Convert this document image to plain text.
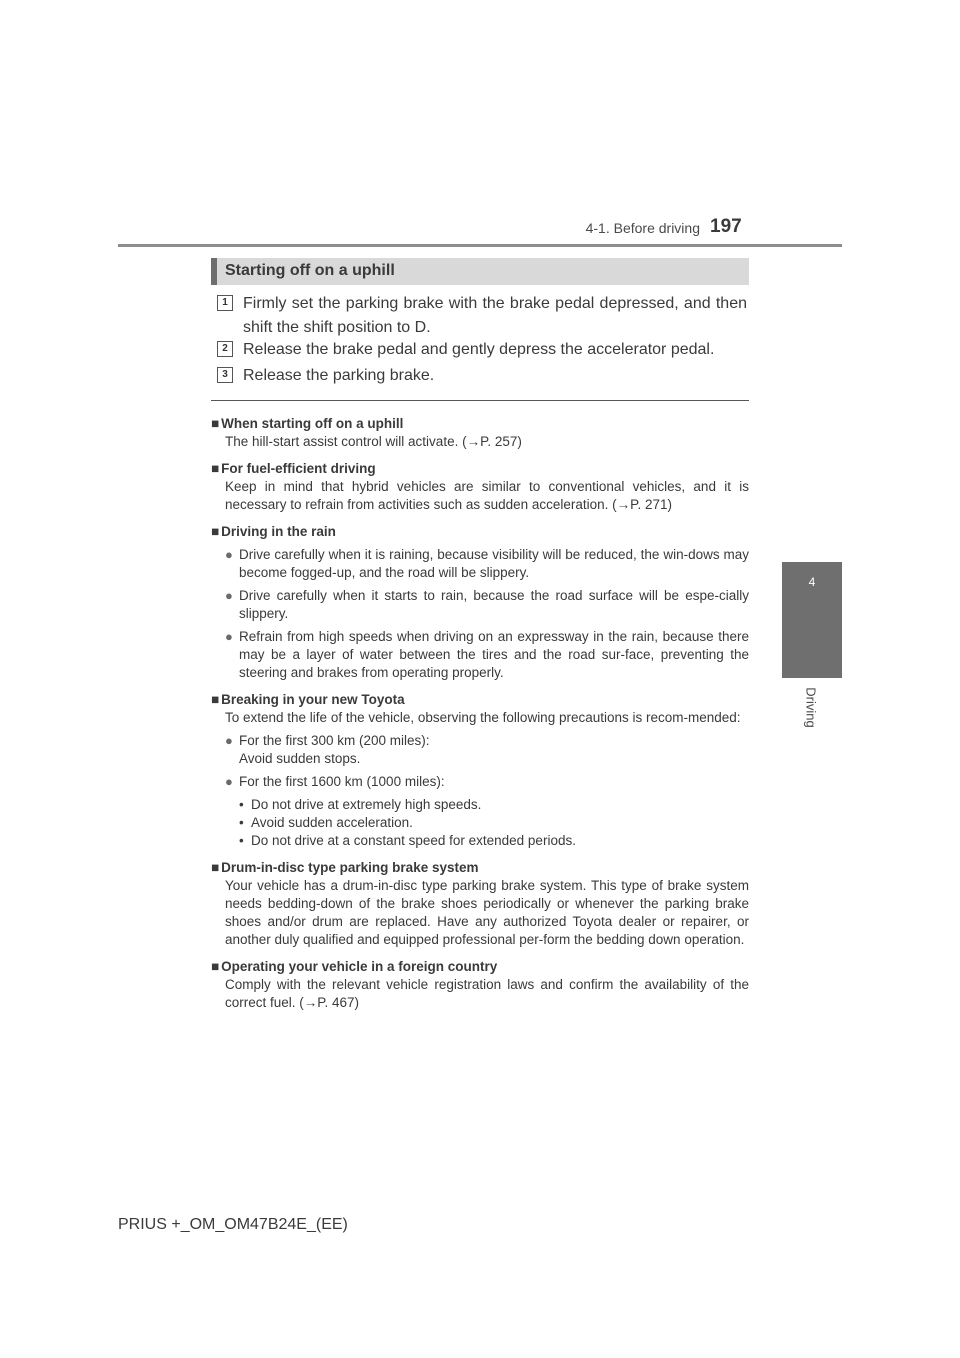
4-1. Before driving 197
4
Driving
Starting off on a uphill
1 Firmly set the parking brake with the brake pedal depressed, and then shift the shift position to D.
2 Release the brake pedal and gently depress the accelerator pedal.
3 Release the parking brake.
■ When starting off on a uphill
The hill-start assist control will activate. (→P. 257)
■ For fuel-efficient driving
Keep in mind that hybrid vehicles are similar to conventional vehicles, and it is necessary to refrain from activities such as sudden acceleration. (→P. 271)
■ Driving in the rain
● Drive carefully when it is raining, because visibility will be reduced, the win-dows may become fogged-up, and the road will be slippery.
● Drive carefully when it starts to rain, because the road surface will be espe-cially slippery.
● Refrain from high speeds when driving on an expressway in the rain, because there may be a layer of water between the tires and the road sur-face, preventing the steering and brakes from operating properly.
■ Breaking in your new Toyota
To extend the life of the vehicle, observing the following precautions is recom-mended:
● For the first 300 km (200 miles):
Avoid sudden stops.
● For the first 1600 km (1000 miles):
• Do not drive at extremely high speeds.
• Avoid sudden acceleration.
• Do not drive at a constant speed for extended periods.
■ Drum-in-disc type parking brake system
Your vehicle has a drum-in-disc type parking brake system. This type of brake system needs bedding-down of the brake shoes periodically or whenever the parking brake shoes and/or drum are replaced. Have any authorized Toyota dealer or repairer, or another duly qualified and equipped professional per-form the bedding down operation.
■ Operating your vehicle in a foreign country
Comply with the relevant vehicle registration laws and confirm the availability of the correct fuel. (→P. 467)
PRIUS +_OM_OM47B24E_(EE)
